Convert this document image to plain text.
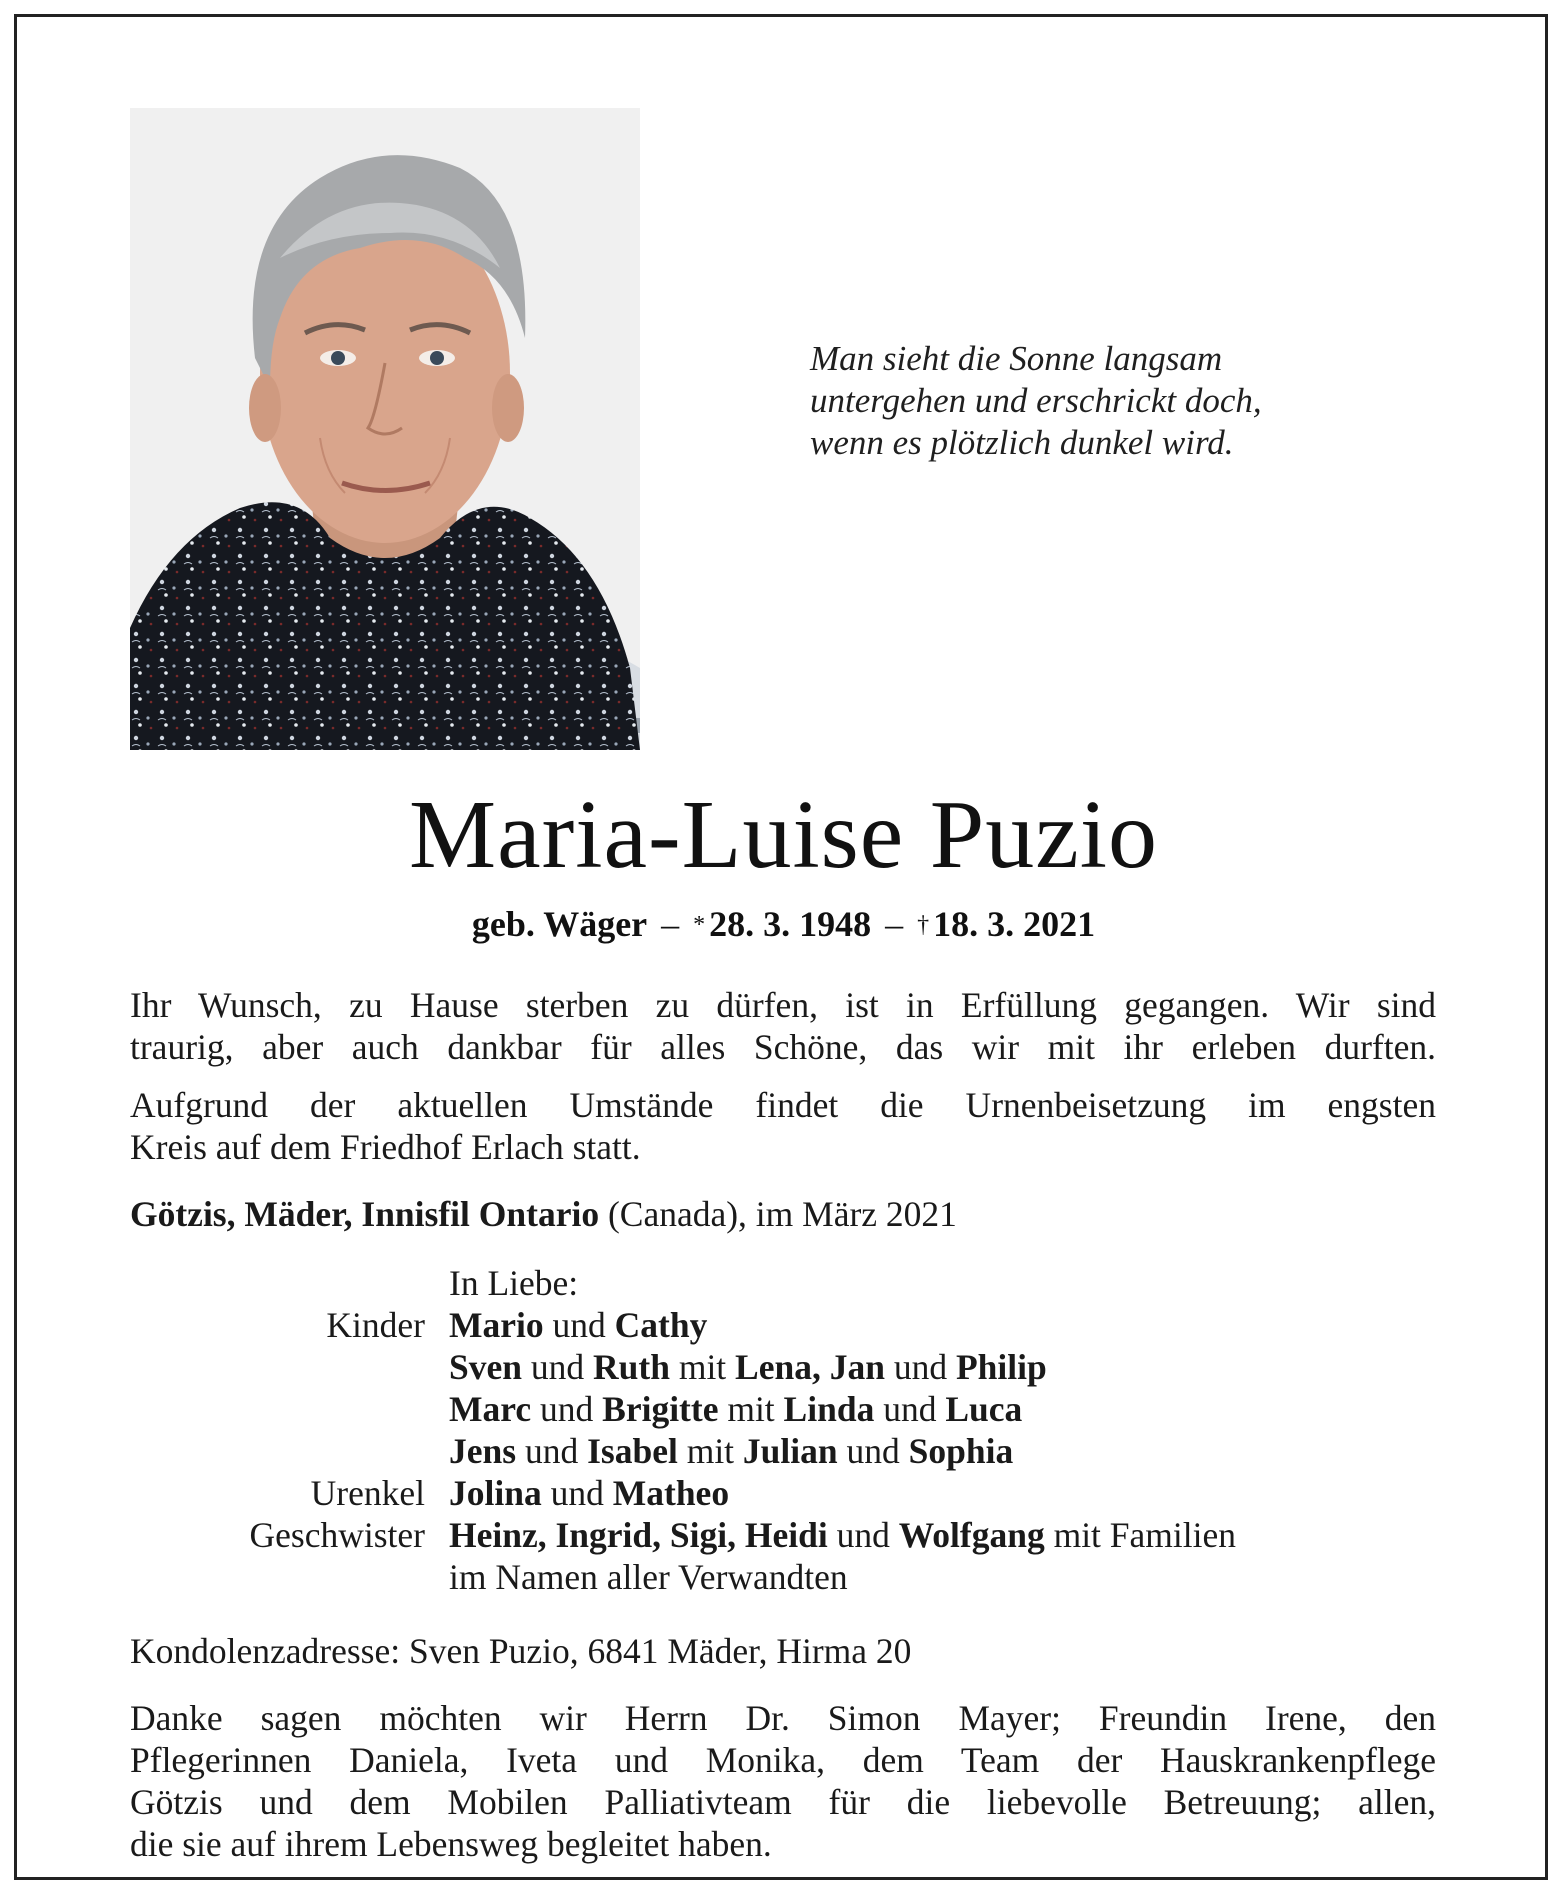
Man sieht die Sonne langsam
untergehen und erschrickt doch,
wenn es plötzlich dunkel wird.
Maria-Luise Puzio
geb. Wäger – * 28. 3. 1948 – † 18. 3. 2021
Ihr Wunsch, zu Hause sterben zu dürfen, ist in Erfüllung gegangen. Wir sind
traurig, aber auch dankbar für alles Schöne, das wir mit ihr erleben durften.
Aufgrund der aktuellen Umstände findet die Urnenbeisetzung im engsten
Kreis auf dem Friedhof Erlach statt.
Götzis, Mäder, Innisfil Ontario (Canada), im März 2021
In Liebe:
Kinder Mario und Cathy
Sven und Ruth mit Lena, Jan und Philip
Marc und Brigitte mit Linda und Luca
Jens und Isabel mit Julian und Sophia
Urenkel Jolina und Matheo
Geschwister Heinz, Ingrid, Sigi, Heidi und Wolfgang mit Familien
im Namen aller Verwandten
Kondolenzadresse: Sven Puzio, 6841 Mäder, Hirma 20
Danke sagen möchten wir Herrn Dr. Simon Mayer; Freundin Irene, den
Pflegerinnen Daniela, Iveta und Monika, dem Team der Hauskrankenpflege
Götzis und dem Mobilen Palliativteam für die liebevolle Betreuung; allen,
die sie auf ihrem Lebensweg begleitet haben.
